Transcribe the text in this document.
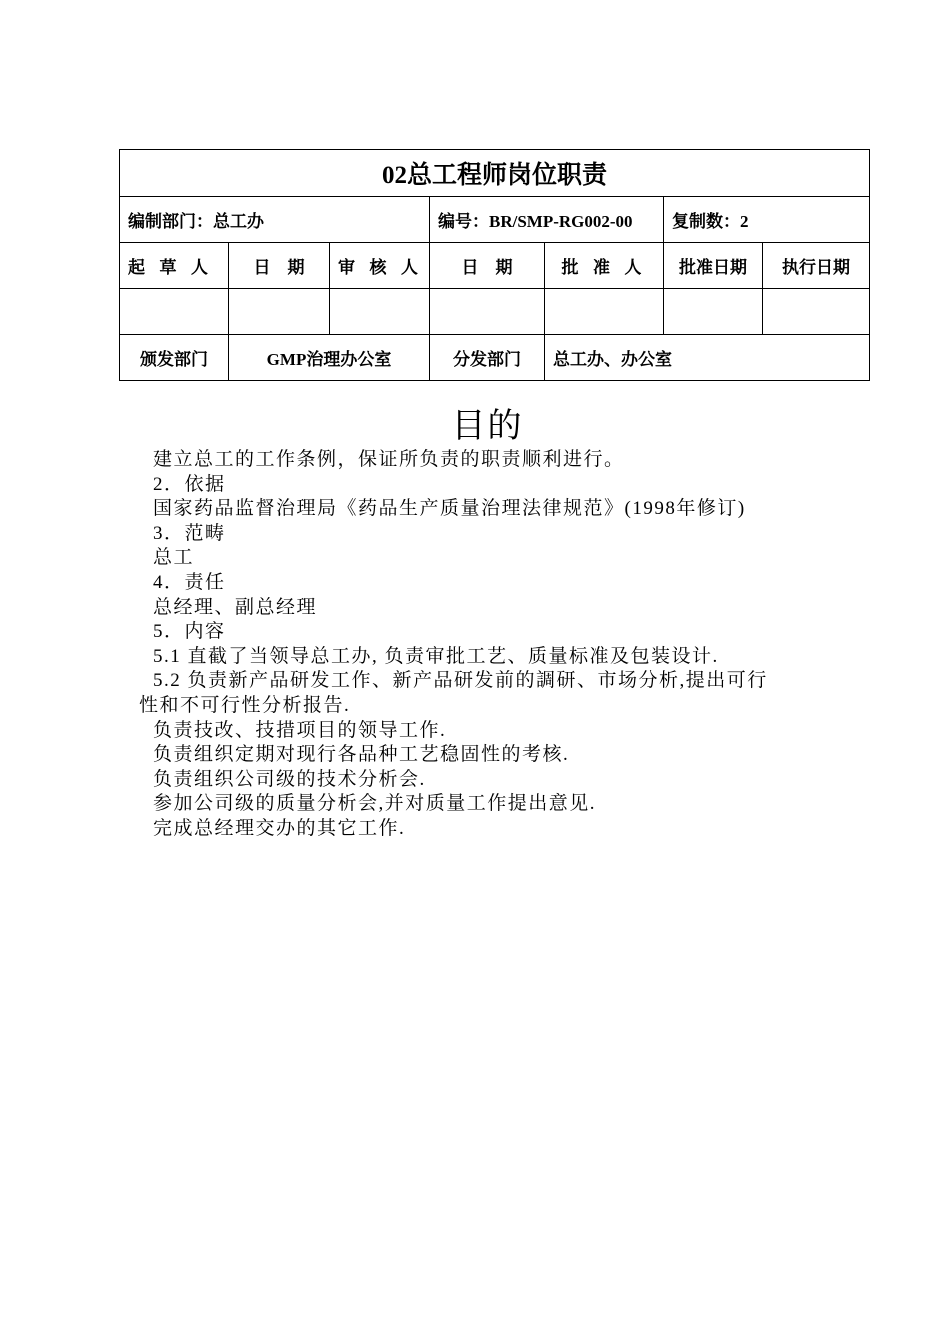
02总工程师岗位职责						
编制部门：总工办			编号：BR/SMP-RG002-00		复制数：2	
起 草 人	日　期	审 核 人	日　期	批 准 人	批准日期	执行日期

颁发部门	GMP治理办公室		分发部门	总工办、办公室		
目的
建立总工的工作条例，保证所负责的职责顺利进行。
2．依据
国家药品监督治理局《药品生产质量治理法律规范》(1998年修订)
3．范畴
总工
4．责任
总经理、副总经理
5．内容
5.1 直截了当领导总工办, 负责审批工艺、质量标准及包装设计.
5.2 负责新产品研发工作、新产品研发前的調研、市场分析,提出可行
性和不可行性分析报告.
负责技改、技措项目的领导工作.
负责组织定期对现行各品种工艺稳固性的考核.
负责组织公司级的技术分析会.
参加公司级的质量分析会,并对质量工作提出意见.
完成总经理交办的其它工作.
